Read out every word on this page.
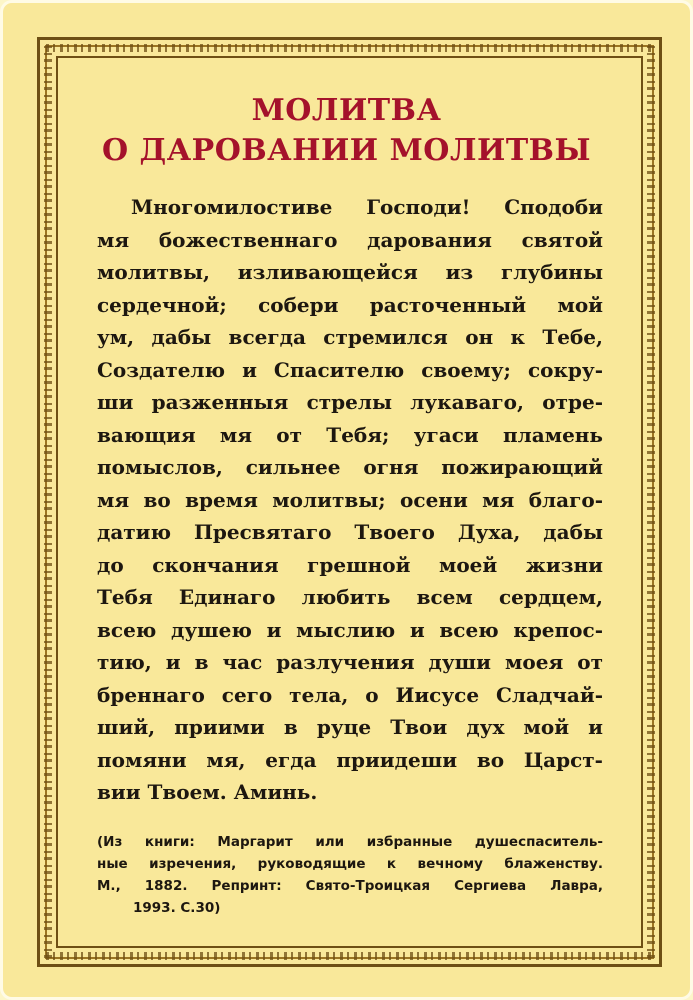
МОЛИТВА
О ДАРОВАНИИ МОЛИТВЫ
Многомилостиве Господи! Сподоби
мя божественнаго дарования святой
молитвы, изливающейся из глубины
сердечной; собери расточенный мой
ум, дабы всегда стремился он к Тебе,
Создателю и Спасителю своему; сокру-
ши разженныя стрелы лукаваго, отре-
вающия мя от Тебя; угаси пламень
помыслов, сильнее огня пожирающий
мя во время молитвы; осени мя благо-
датию Пресвятаго Твоего Духа, дабы
до скончания грешной моей жизни
Тебя Единаго любить всем сердцем,
всею душею и мыслию и всею крепос-
тию, и в час разлучения души моея от
бреннаго сего тела, о Иисусе Сладчай-
ший, приими в руце Твои дух мой и
помяни мя, егда приидеши во Царст-
вии Твоем. Аминь.
(Из книги: Маргарит или избранные душеспаситель-
ные изречения, руководящие к вечному блаженству.
М., 1882. Репринт: Свято-Троицкая Сергиева Лавра,
1993. С.30)
